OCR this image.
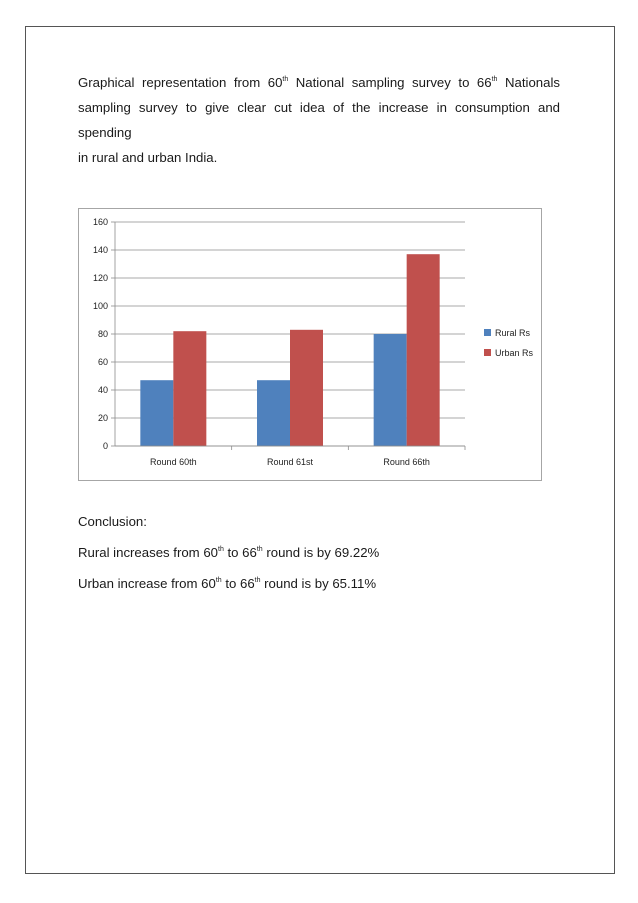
Graphical representation from 60th National sampling survey to 66th Nationals
sampling survey to give clear cut idea of the increase in consumption and spending
in rural and urban India.
0
20
40
60
80
100
120
140
160
Round 60th	Round 61st	Round 66th
Rural Rs
Urban Rs
Conclusion:
Rural increases from 60th to 66th round is by 69.22%
Urban increase from 60th to 66th round is by 65.11%
